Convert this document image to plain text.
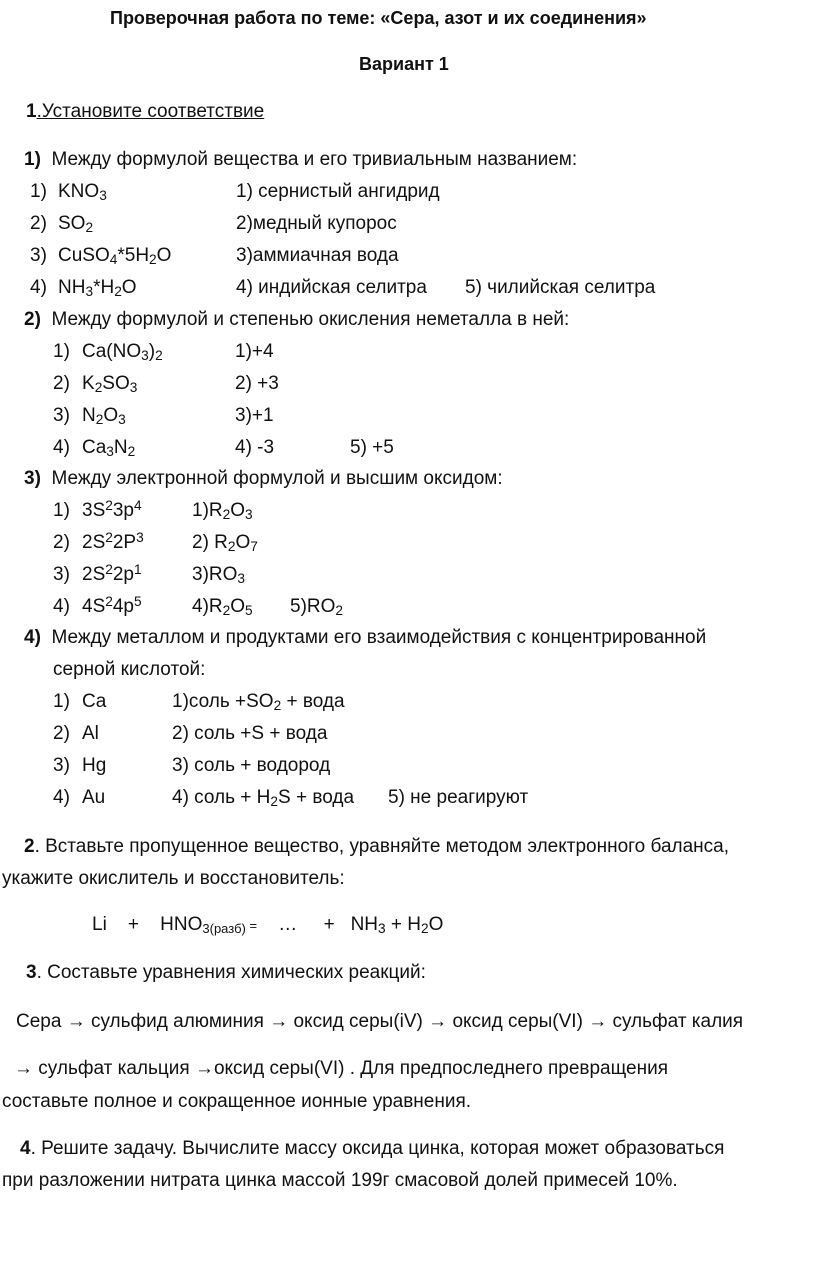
Проверочная работа по теме: «Сера, азот и их соединения»
Вариант 1
1.Установите соответствие
1) Между формулой вещества и его тривиальным названием:
2) Между формулой и степенью окисления неметалла в ней:
3) Между электронной формулой и высшим оксидом:
4) Между металлом и продуктами его взаимодействия с концентрированной
серной кислотой:
2. Вставьте пропущенное вещество, уравняйте методом электронного баланса,
укажите окислитель и восстановитель:
$Li + HNO_{3(разб)}$ = … + $NH_3 + H_2O$
3. Составьте уравнения химических реакций:
Сера → сульфид алюминия → оксид серы(iV) → оксид серы(VI) → сульфат калия
→ сульфат кальция →оксид серы(VI) . Для предпоследнего превращения
составьте полное и сокращенное ионные уравнения.
4. Решите задачу. Вычислите массу оксида цинка, которая может образоваться
при разложении нитрата цинка массой 199г смасовой долей примесей 10%.
1) $KNO_3$	1) сернистый ангидрид
2) $SO_2$	2)медный купорос
3) $CuSO_4*5H_2O$	3)аммиачная вода
4) $NH_3*H_2O$	4) индийская селитра 5) чилийская селитра
1) $Ca(NO_3)_2$	1)+4
2) $K_2SO_3$	2) +3
3) $N_2O_3$	3)+1
4) $Ca_3N_2$	4) -3	5) +5
1) $3S^23p^4$	$1)R_2O_3$
2) $2S^22P^3$	2) $R_2O_7$
3) $2S^22p^1$	$3)RO_3$
4) $4S^24p^5$	$4)R_2O_5$ $5)RO_2$
1) Ca	1)соль $+SO_2$ + вода
2) Al	2) соль +S + вода
3) Hg	3) соль + водород
4) Au	4) соль + $H_2S$ + вода 5) не реагируют
